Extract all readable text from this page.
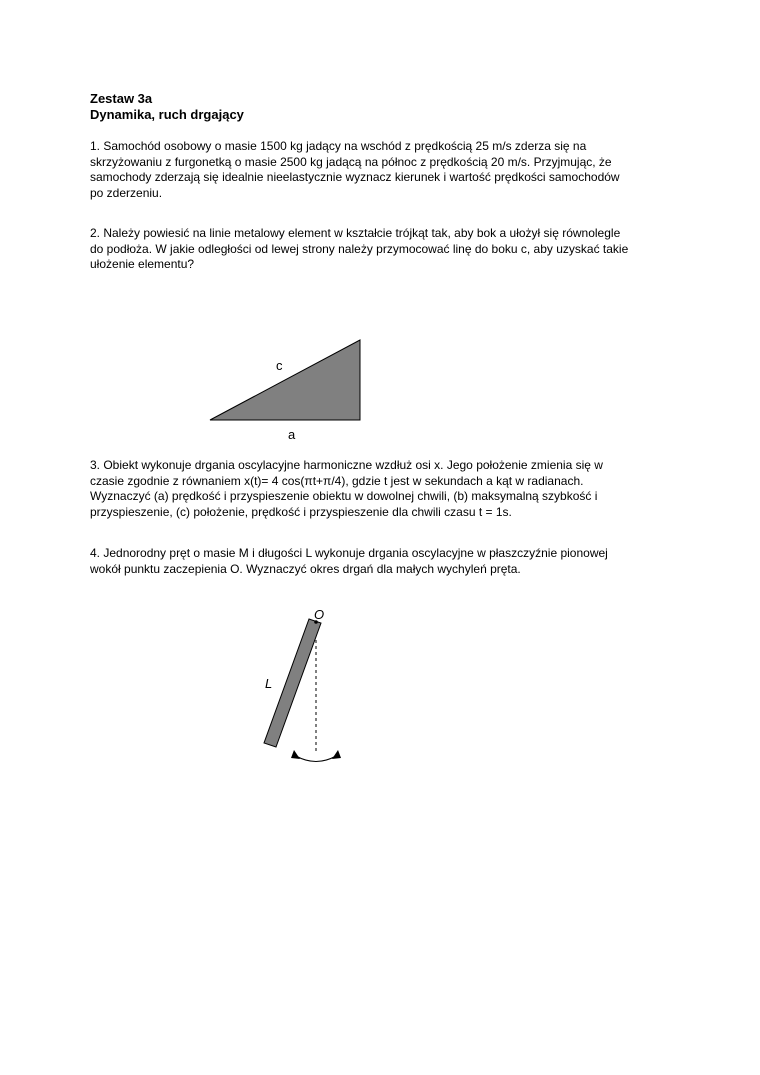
Zestaw 3a
Dynamika, ruch drgający
1. Samochód osobowy o masie 1500 kg jadący na wschód z prędkością 25 m/s zderza się na
skrzyżowaniu z furgonetką o masie 2500 kg jadącą na północ z prędkością 20 m/s. Przyjmując, że
samochody zderzają się idealnie nieelastycznie wyznacz kierunek i wartość prędkości samochodów
po zderzeniu.
2. Należy powiesić na linie metalowy element w kształcie trójkąt tak, aby bok a ułożył się równolegle
do podłoża. W jakie odległości od lewej strony należy przymocować linę do boku c, aby uzyskać takie
ułożenie elementu?
3. Obiekt wykonuje drgania oscylacyjne harmoniczne wzdłuż osi x. Jego położenie zmienia się w
czasie zgodnie z równaniem x(t)= 4 cos(πt+π/4), gdzie t jest w sekundach a kąt w radianach.
Wyznaczyć (a) prędkość i przyspieszenie obiektu w dowolnej chwili, (b) maksymalną szybkość i
przyspieszenie, (c) położenie, prędkość i przyspieszenie dla chwili czasu t = 1s.
4. Jednorodny pręt o masie M i długości L wykonuje drgania oscylacyjne w płaszczyźnie pionowej
wokół punktu zaczepienia O. Wyznaczyć okres drgań dla małych wychyleń pręta.
c
a
O
L
